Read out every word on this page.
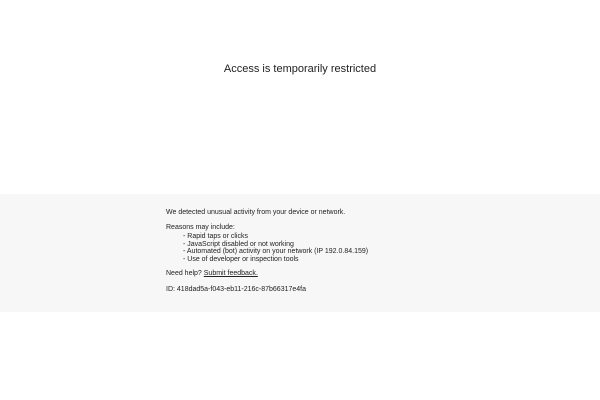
Access is temporarily restricted

We detected unusual activity from your device or network.

Reasons may include:

- Rapid taps or clicks
- JavaScript disabled or not working
- Automated (bot) activity on your network (IP 192.0.84.159)
- Use of developer or inspection tools

Need help? Submit feedback.

ID: 418dad5a-f043-eb11-216c-87b66317e4fa
